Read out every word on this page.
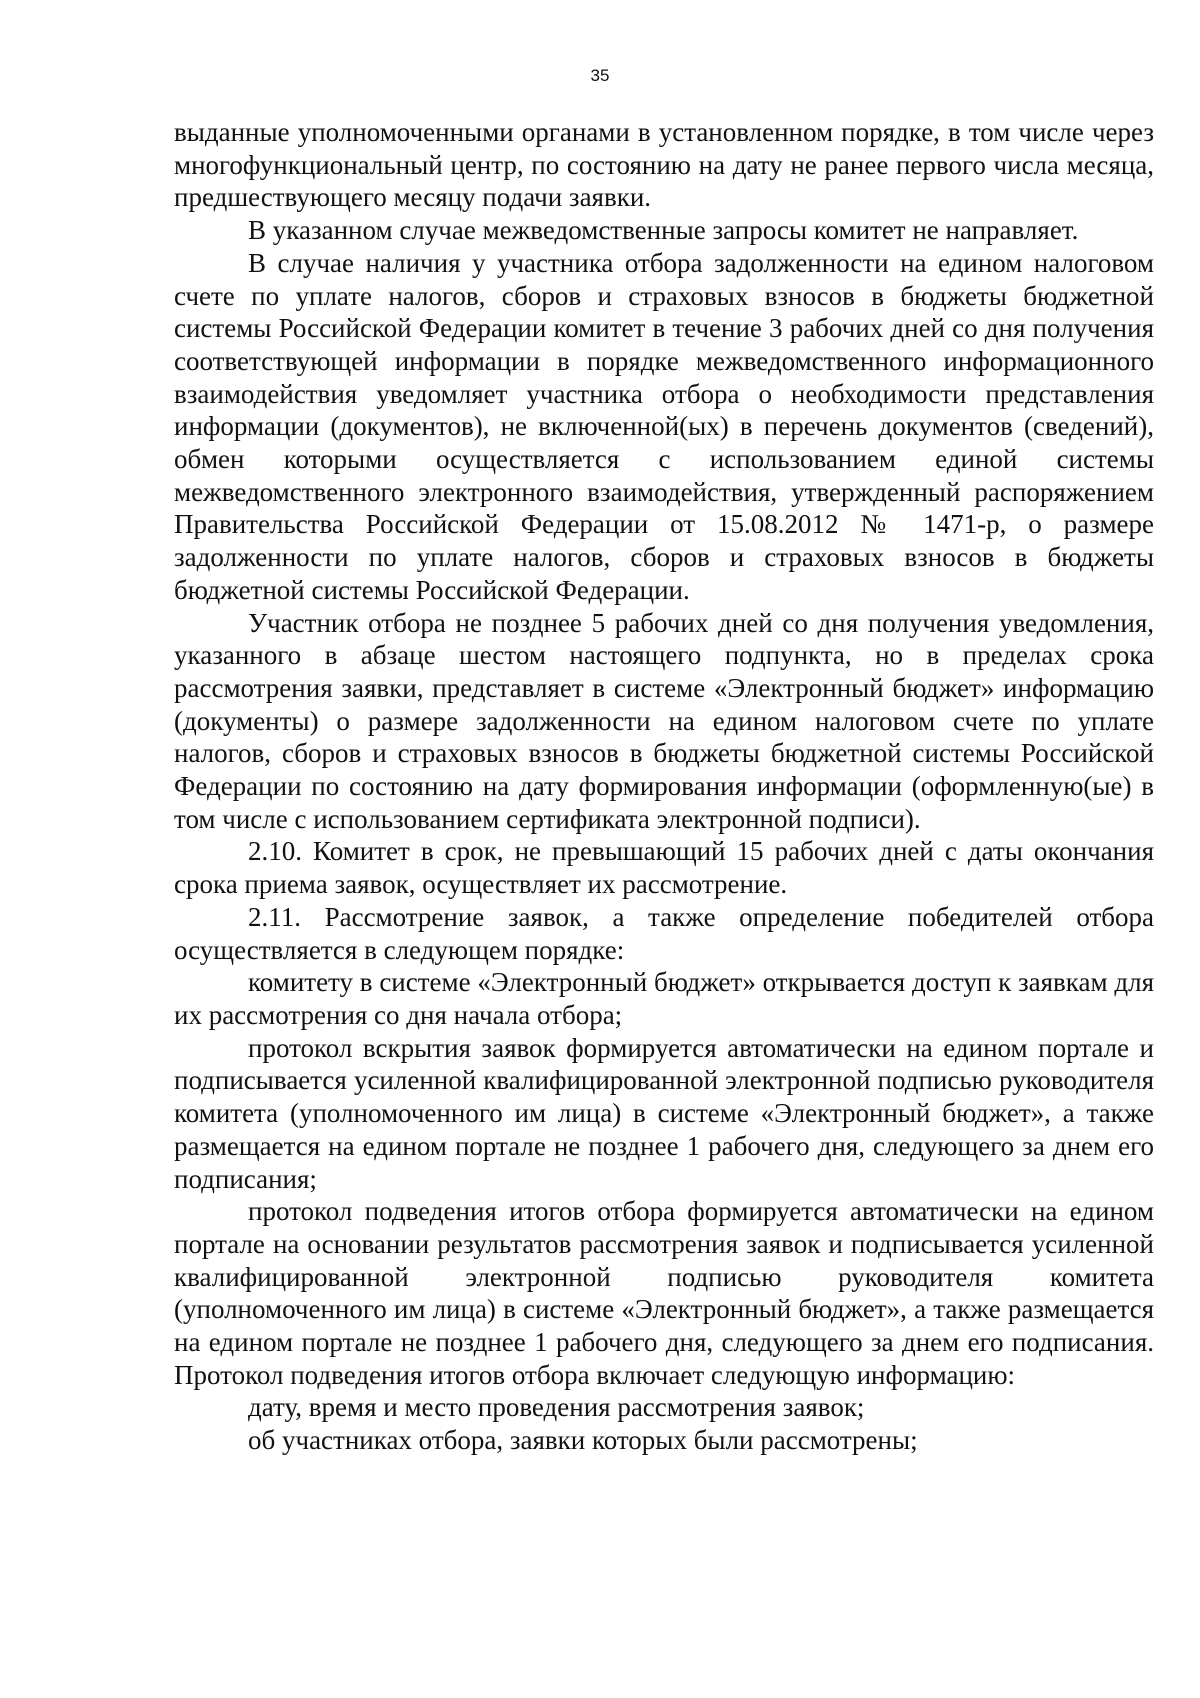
35

выданные уполномоченными органами в установленном порядке, в том числе через многофункциональный центр, по состоянию на дату не ранее первого числа месяца, предшествующего месяцу подачи заявки.

В указанном случае межведомственные запросы комитет не направляет.

В случае наличия у участника отбора задолженности на едином налоговом счете по уплате налогов, сборов и страховых взносов в бюджеты бюджетной системы Российской Федерации комитет в течение 3 рабочих дней со дня получения соответствующей информации в порядке межведомственного информационного взаимодействия уведомляет участника отбора о необходимости представления информации (документов), не включенной(ых) в перечень документов (сведений), обмен которыми осуществляется с использованием единой системы межведомственного электронного взаимодействия, утвержденный распоряжением Правительства Российской Федерации от 15.08.2012 № 1471-р, о размере задолженности по уплате налогов, сборов и страховых взносов в бюджеты бюджетной системы Российской Федерации.

Участник отбора не позднее 5 рабочих дней со дня получения уведомления, указанного в абзаце шестом настоящего подпункта, но в пределах срока рассмотрения заявки, представляет в системе «Электронный бюджет» информацию (документы) о размере задолженности на едином налоговом счете по уплате налогов, сборов и страховых взносов в бюджеты бюджетной системы Российской Федерации по состоянию на дату формирования информации (оформленную(ые) в том числе с использованием сертификата электронной подписи).

2.10. Комитет в срок, не превышающий 15 рабочих дней с даты окончания срока приема заявок, осуществляет их рассмотрение.

2.11. Рассмотрение заявок, а также определение победителей отбора осуществляется в следующем порядке:

комитету в системе «Электронный бюджет» открывается доступ к заявкам для их рассмотрения со дня начала отбора;

протокол вскрытия заявок формируется автоматически на едином портале и подписывается усиленной квалифицированной электронной подписью руководителя комитета (уполномоченного им лица) в системе «Электронный бюджет», а также размещается на едином портале не позднее 1 рабочего дня, следующего за днем его подписания;

протокол подведения итогов отбора формируется автоматически на едином портале на основании результатов рассмотрения заявок и подписывается усиленной квалифицированной электронной подписью руководителя комитета (уполномоченного им лица) в системе «Электронный бюджет», а также размещается на едином портале не позднее 1 рабочего дня, следующего за днем его подписания. Протокол подведения итогов отбора включает следующую информацию:

дату, время и место проведения рассмотрения заявок;

об участниках отбора, заявки которых были рассмотрены;
